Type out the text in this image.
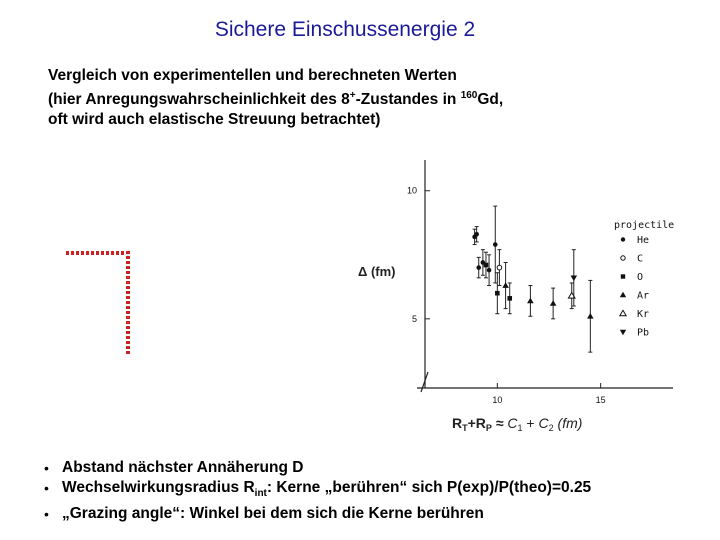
Sichere Einschussenergie 2
Vergleich von experimentellen und berechneten Werten
(hier Anregungswahrscheinlichkeit des 8+-Zustandes in $^{160}$Gd,
oft wird auch elastische Streuung betrachtet)
10
5
10	15
projectile
He
C
O
Ar
Kr
Pb
Δ (fm)
$R_T+R_P \approx C_1 + C_2$ (fm)
• Abstand nächster Annäherung D
• Wechselwirkungsradius $R_{int}$: Kerne „berühren“ sich P(exp)/P(theo)=0.25
• „Grazing angle“: Winkel bei dem sich die Kerne berühren
